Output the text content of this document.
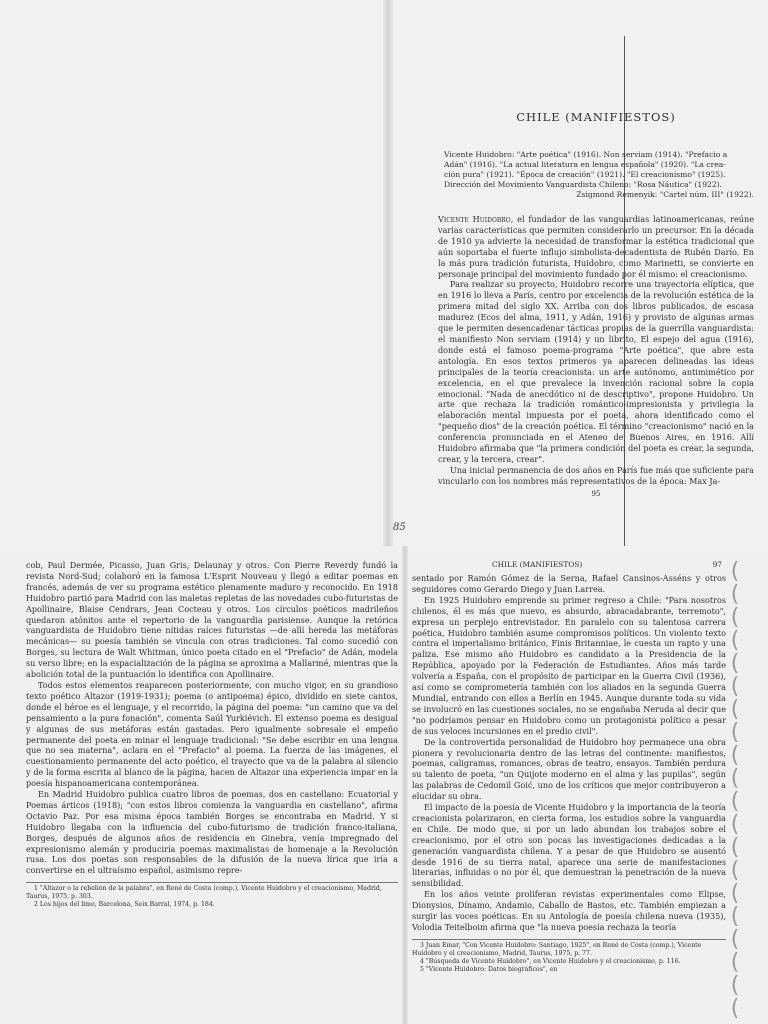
CHILE (MANIFIESTOS)
Vicente Huidobro: "Arte poética" (1916). Non serviam (1914). "Prefacio a
Adán" (1916). "La actual literatura en lengua española" (1920). "La crea-
ción pura" (1921). "Época de creación" (1921). "El creacionismo" (1925).
Dirección del Movimiento Vanguardista Chileno: "Rosa Náutica" (1922).
Zsigmond Remenyik: "Cartel núm. III" (1922).

Vicente Huidobro, el fundador de las vanguardias latinoamericanas, reúne varias características que permiten considerarlo un precursor. En la década de 1910 ya advierte la necesidad de transformar la estética tradicional que aún soportaba el fuerte influjo simbolista-decadentista de Rubén Darío. En la más pura tradición futurista, Huidobro, como Marinetti, se convierte en personaje principal del movimiento fundado por él mismo: el creacionismo.

Para realizar su proyecto, Huidobro recorre una trayectoria elíptica, que en 1916 lo lleva a París, centro por excelencia de la revolución estética de la primera mitad del siglo XX. Arriba con dos libros publicados, de escasa madurez (Ecos del alma, 1911, y Adán, 1916) y provisto de algunas armas que le permiten desencadenar tácticas propias de la guerrilla vanguardista: el manifiesto Non serviam (1914) y un librito, El espejo del agua (1916), donde está el famoso poema-programa "Arte poética", que abre esta antología. En esos textos primeros ya aparecen delineadas las ideas principales de la teoría creacionista: un arte autónomo, antimimético por excelencia, en el que prevalece la invención racional sobre la copia emocional. "Nada de anecdótico ni de descriptivo", propone Huidobro. Un arte que rechaza la tradición romántico-impresionista y privilegia la elaboración mental impuesta por el poeta, ahora identificado como el "pequeño dios" de la creación poética. El término "creacionismo" nació en la conferencia pronunciada en el Ateneo de Buenos Aires, en 1916. Allí Huidobro afirmaba que "la primera condición del poeta es crear, la segunda, crear, y la tercera, crear".

Una inicial permanencia de dos años en París fue más que suficiente para vincularlo con los nombres más representativos de la época: Max Ja-

95
85
(
(
(
(
(
(
(
(
(
(
(
(
(
(
(
(
(
(
(
(

cob, Paul Dermée, Picasso, Juan Gris, Delaunay y otros. Con Pierre Reverdy fundó la revista Nord-Sud; colaboró en la famosa L'Esprit Nouveau y llegó a editar poemas en francés, además de ver su programa estético plenamente maduro y reconocido. En 1918 Huidobro partió para Madrid con las maletas repletas de las novedades cubo-futuristas de Apollinaire, Blaise Cendrars, Jean Cocteau y otros. Los círculos poéticos madrileños quedaron atónitos ante el repertorio de la vanguardia parisiense. Aunque la retórica vanguardista de Huidobro tiene nítidas raíces futuristas —de allí hereda las metáforas mecánicas— su poesía también se vincula con otras tradiciones. Tal como sucedió con Borges, su lectura de Walt Whitman, único poeta citado en el "Prefacio" de Adán, modela su verso libre; en la espacialización de la página se aproxima a Mallarmé, mientras que la abolición total de la puntuación lo identifica con Apollinaire.

Todos estos elementos reaparecen posteriormente, con mucho vigor, en su grandioso texto poético Altazor (1919-1931); poema (o antipoema) épico, dividido en siete cantos, donde el héroe es el lenguaje, y el recorrido, la página del poema: "un camino que va del pensamiento a la pura fonación", comenta Saúl Yurkiévich. El extenso poema es desigual y algunas de sus metáforas están gastadas. Pero igualmente sobresale el empeño permanente del poeta en minar el lenguaje tradicional: "Se debe escribir en una lengua que no sea materna", aclara en el "Prefacio" al poema. La fuerza de las imágenes, el cuestionamiento permanente del acto poético, el trayecto que va de la palabra al silencio y de la forma escrita al blanco de la página, hacen de Altazor una experiencia impar en la poesía hispanoamericana contemporánea.

En Madrid Huidobro publica cuatro libros de poemas, dos en castellano: Ecuatorial y Poemas árticos (1918); "con estos libros comienza la vanguardia en castellano", afirma Octavio Paz. Por esa misma época también Borges se encontraba en Madrid. Y si Huidobro llegaba con la influencia del cubo-futurismo de tradición franco-italiana, Borges, después de algunos años de residencia en Ginebra, venía impregnado del expresionismo alemán y produciría poemas maximalistas de homenaje a la Revolución rusa. Los dos poetas son responsables de la difusión de la nueva lírica que iría a convertirse en el ultraísmo español, asimismo repre-

1 "Altazor o la rebelión de la palabra", en René de Costa (comp.), Vicente Huidobro y el creacionismo, Madrid, Taurus, 1975, p. 303.
2 Los hijos del limo, Barcelona, Seix Barral, 1974, p. 184.
CHILE (MANIFIESTOS)	97

sentado por Ramón Gómez de la Serna, Rafael Cansinos-Asséns y otros seguidores como Gerardo Diego y Juan Larrea.

En 1925 Huidobro emprende su primer regreso a Chile: "Para nosotros chilenos, él es más que nuevo, es absurdo, abracadabrante, terremoto", expresa un perplejo entrevistador. En paralelo con su talentosa carrera poética, Huidobro también asume compromisos políticos. Un violento texto contra el imperialismo británico, Finis Britanniae, le cuesta un rapto y una paliza. Ese mismo año Huidobro es candidato a la Presidencia de la República, apoyado por la Federación de Estudiantes. Años más tarde volvería a España, con el propósito de participar en la Guerra Civil (1936), así como se comprometería también con los aliados en la segunda Guerra Mundial, entrando con ellos a Berlín en 1945. Aunque durante toda su vida se involucró en las cuestiones sociales, no se engañaba Neruda al decir que "no podríamos pensar en Huidobro como un protagonista político a pesar de sus veloces incursiones en el predio civil".

De la controvertida personalidad de Huidobro hoy permanece una obra pionera y revolucionaria dentro de las letras del continente: manifiestos, poemas, caligramas, romances, obras de teatro, ensayos. También perdura su talento de poeta, "un Quijote moderno en el alma y las pupilas", según las palabras de Cedomil Goić, uno de los críticos que mejor contribuyeron a elucidar su obra.

El impacto de la poesía de Vicente Huidobro y la importancia de la teoría creacionista polarizaron, en cierta forma, los estudios sobre la vanguardia en Chile. De modo que, si por un lado abundan los trabajos sobre el creacionismo, por el otro son pocas las investigaciones dedicadas a la generación vanguardista chilena. Y a pesar de que Huidobro se ausentó desde 1916 de su tierra natal, aparece una serie de manifestaciones literarias, influidas o no por él, que demuestran la penetración de la nueva sensibilidad.

En los años veinte proliferan revistas experimentales como Elipse, Dionysios, Dínamo, Andamio, Caballo de Bastos, etc. También empiezan a surgir las voces poéticas. En su Antología de poesía chilena nueva (1935), Volodia Teitelboim afirma que "la nueva poesía rechaza la teoría

3 Juan Emar, "Con Vicente Huidobro: Santiago, 1925", en René de Costa (comp.), Vicente Huidobro y el creacionismo, Madrid, Taurus, 1975, p. 77.
4 "Búsqueda de Vicente Huidobro", en Vicente Huidobro y el creacionismo, p. 116.
5 "Vicente Huidobro: Datos biográficos", en
